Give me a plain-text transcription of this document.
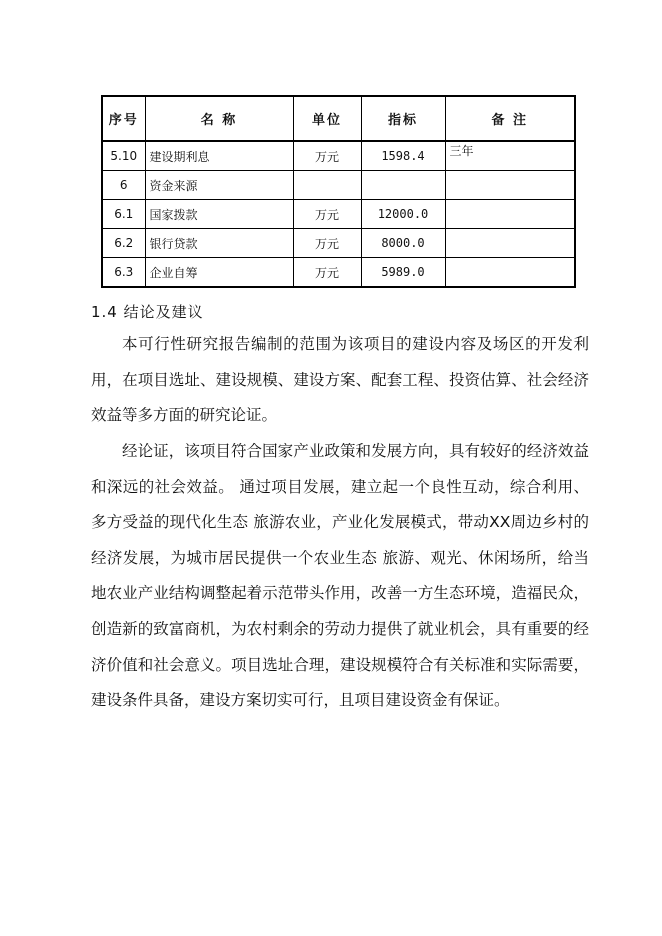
序号	名 称	单位	指标	备 注
5.10	建设期利息	万元	1598.4	三年
6	资金来源			
6.1	国家拨款	万元	12000.0	
6.2	银行贷款	万元	8000.0	
6.3	企业自筹	万元	5989.0	
1.4 结论及建议

本可行性研究报告编制的范围为该项目的建设内容及场区的开发利用，在项目选址、建设规模、建设方案、配套工程、投资估算、社会经济效益等多方面的研究论证。

经论证，该项目符合国家产业政策和发展方向，具有较好的经济效益和深远的社会效益。 通过项目发展，建立起一个良性互动，综合利用、多方受益的现代化生态 旅游农业，产业化发展模式，带动XX周边乡村的经济发展，为城市居民提供一个农业生态 旅游、观光、休闲场所，给当地农业产业结构调整起着示范带头作用，改善一方生态环境，造福民众，创造新的致富商机，为农村剩余的劳动力提供了就业机会，具有重要的经济价值和社会意义。项目选址合理，建设规模符合有关标准和实际需要，建设条件具备，建设方案切实可行，且项目建设资金有保证。
